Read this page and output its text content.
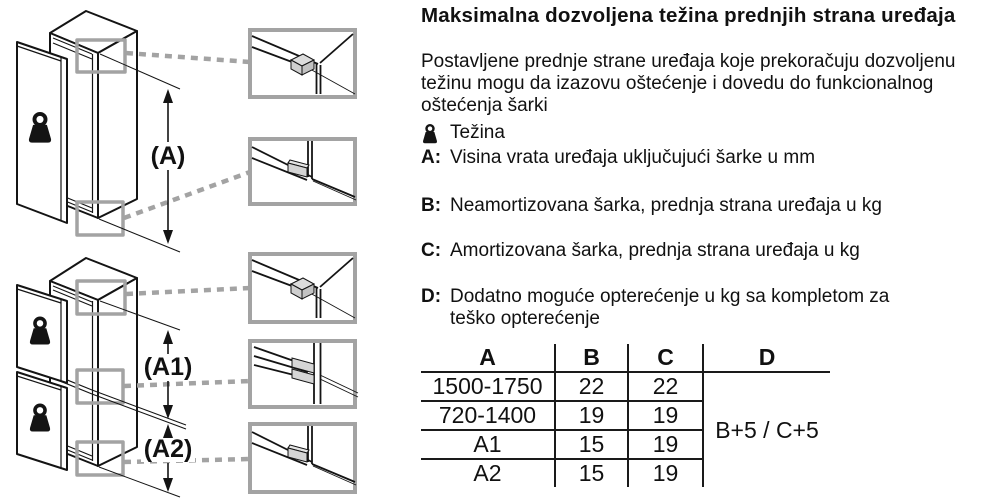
(A)
(A1)
(A2)
Maksimalna dozvoljena težina prednjih strana uređaja
Postavljene prednje strane uređaja koje prekoračuju dozvoljenu težinu mogu da izazovu oštećenje i dovedu do funkcionalnog oštećenja šarki
Težina
A: Visina vrata uređaja uključujući šarke u mm
B: Neamortizovana šarka, prednja strana uređaja u kg
C: Amortizovana šarka, prednja strana uređaja u kg
D: Dodatno moguće opterećenje u kg sa kompletom za
teško opterećenje
A	B	C	D
1500-1750	22	22	B+5 / C+5
720-1400	19	19	
A1	15	19	
A2	15	19	
